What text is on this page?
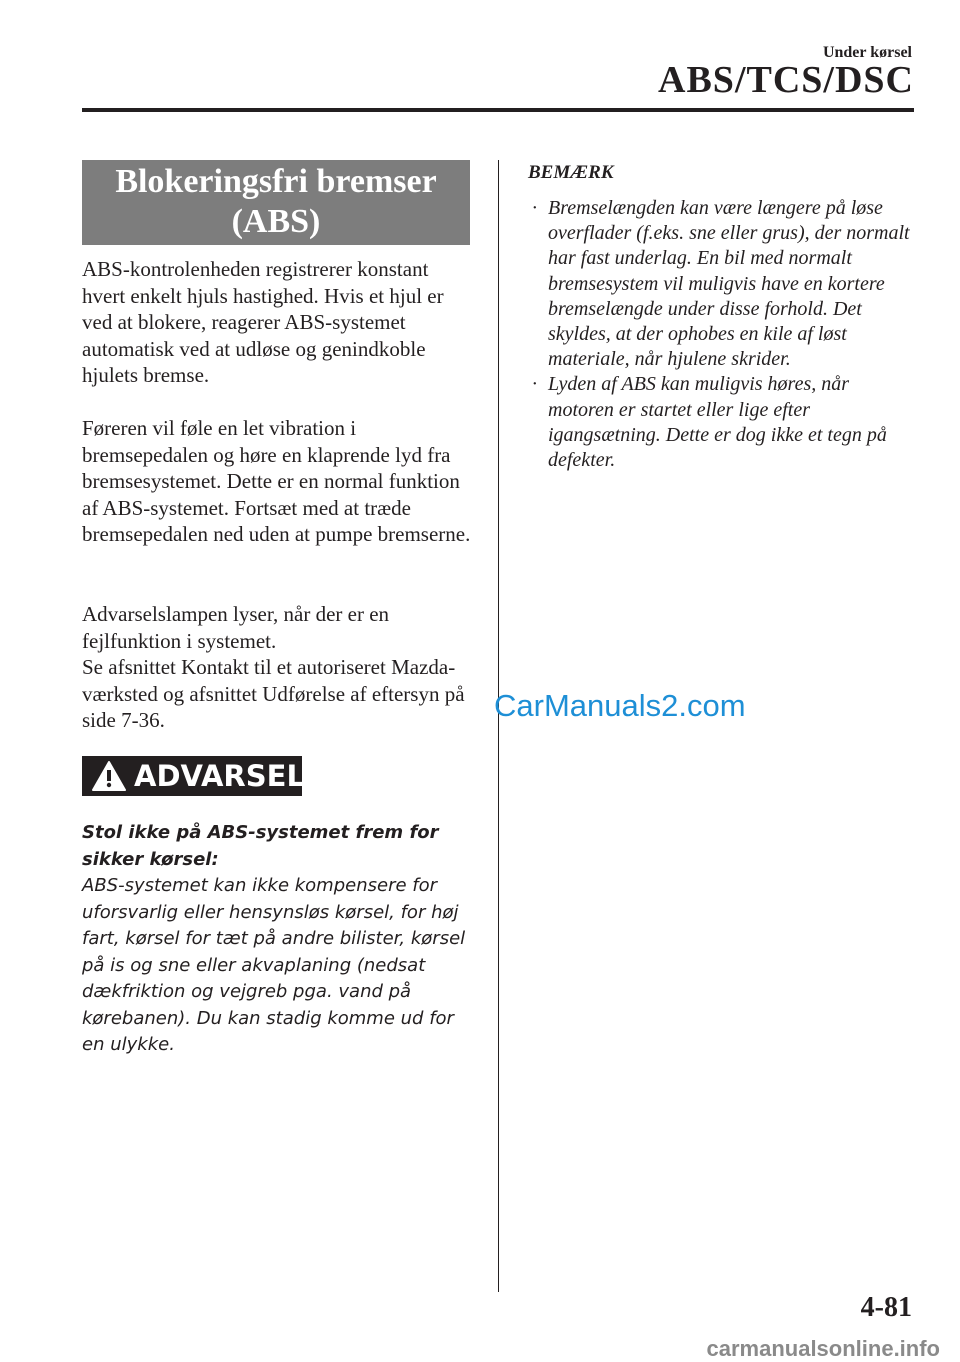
Under kørsel
ABS/TCS/DSC
Blokeringsfri bremser
(ABS)

ABS-kontrolenheden registrerer konstant hvert enkelt hjuls hastighed. Hvis et hjul er ved at blokere, reagerer ABS-systemet automatisk ved at udløse og genindkoble hjulets bremse.

Føreren vil føle en let vibration i bremsepedalen og høre en klaprende lyd fra bremsesystemet. Dette er en normal funktion af ABS-systemet. Fortsæt med at træde bremsepedalen ned uden at pumpe bremserne.

Advarselslampen lyser, når der er en fejlfunktion i systemet.

Se afsnittet Kontakt til et autoriseret Mazda-værksted og afsnittet Udførelse af eftersyn på side 7-36.

ADVARSEL

Stol ikke på ABS-systemet frem for sikker kørsel:

ABS-systemet kan ikke kompensere for uforsvarlig eller hensynsløs kørsel, for høj fart, kørsel for tæt på andre bilister, kørsel på is og sne eller akvaplaning (nedsat dækfriktion og vejgreb pga. vand på kørebanen). Du kan stadig komme ud for en ulykke.

BEMÆRK
· Bremselængden kan være længere på løse overflader (f.eks. sne eller grus), der normalt har fast underlag. En bil med normalt bremsesystem vil muligvis have en kortere bremselængde under disse forhold. Det skyldes, at der ophobes en kile af løst materiale, når hjulene skrider.
· Lyden af ABS kan muligvis høres, når motoren er startet eller lige efter igangsætning. Dette er dog ikke et tegn på defekter.
CarManuals2.com
4-81
carmanualsonline.info
